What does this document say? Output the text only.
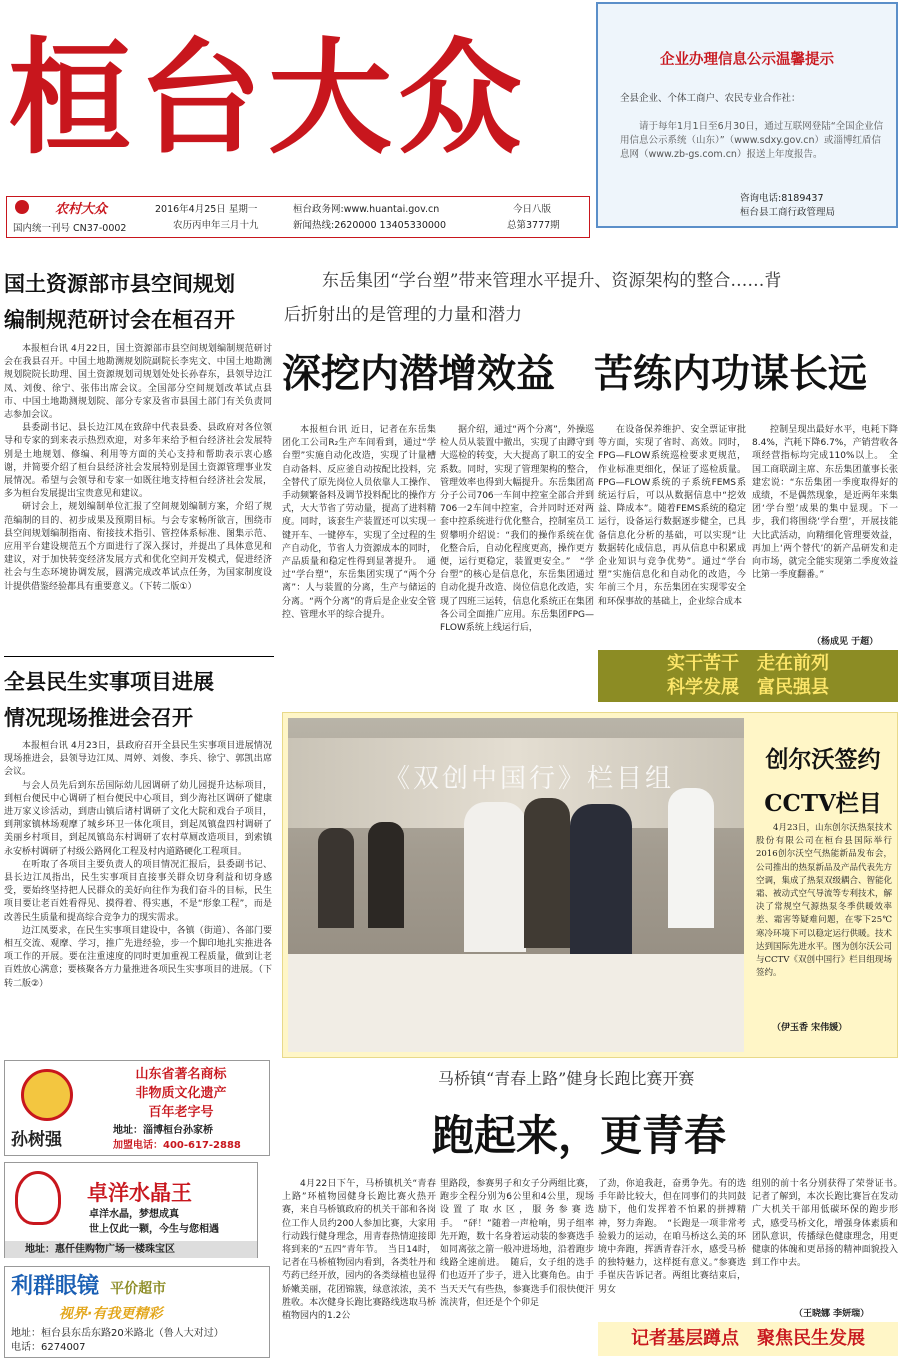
桓台大众	企业办理信息公示温馨提示
全县企业、个体工商户、农民专业合作社：
请于每年1月1日至6月30日，通过互联网登陆“全国企业信用信息公示系统（山东）”（www.sdxy.gov.cn）或淄博红盾信息网（www.zb-gs.com.cn）报送上年度报告。
咨询电话:8189437
桓台县工商行政管理局
农村大众
国内统一刊号 CN37-0002
2016年4月25日 星期一
农历丙申年三月十九
桓台政务网:www.huantai.gov.cn
新闻热线:2620000 13405330000
今日八版
总第3777期
国土资源部市县空间规划
编制规范研讨会在桓召开

本报桓台讯 4月22日，国土资源部市县空间规划编制规范研讨会在我县召开。中国土地勘测规划院副院长李宪文、中国土地勘测规划院院长助理、国土资源规划司规划处处长孙春东，县领导边江凤、刘俊、徐宁、张伟出席会议。全国部分空间规划改革试点县市、中国土地勘测规划院、部分专家及省市县国土部门有关负责同志参加会议。

县委副书记、县长边江凤在致辞中代表县委、县政府对各位领导和专家的到来表示热烈欢迎，对多年来给予桓台经济社会发展特别是土地规划、修编、利用等方面的关心支持和帮助表示衷心感谢，并简要介绍了桓台县经济社会发展特别是国土资源管理事业发展情况。希望与会领导和专家一如既往地支持桓台经济社会发展，多为桓台发展提出宝贵意见和建议。

研讨会上，规划编制单位汇报了空间规划编制方案，介绍了规范编制的目的、初步成果及预期目标。与会专家畅所欲言，围绕市县空间规划编制指南、衔接技术指引、管控体系标准、图集示范、应用平台建设规范五个方面进行了深入探讨，并提出了具体意见和建议，对于加快转变经济发展方式和优化空间开发模式，促进经济社会与生态环境协调发展，圆满完成改革试点任务，为国家制度设计提供借鉴经验都具有重要意义。（下转二版①）

全县民生实事项目进展
情况现场推进会召开

本报桓台讯 4月23日，县政府召开全县民生实事项目进展情况现场推进会，县领导边江凤、周婷、刘俊、李兵、徐宁、郭凯出席会议。

与会人员先后到东岳国际幼儿园调研了幼儿园提升达标项目，到桓台便民中心调研了桓台便民中心项目，到少海社区调研了健康进万家义诊活动，到唐山镇后诸村调研了文化大院和戏台子项目，到荆家镇林场观摩了城乡环卫一体化项目，到起凤镇盘四村调研了美丽乡村项目，到起凤镇岛东村调研了农村草厕改造项目，到索镇永安桥村调研了村级公路网化工程及村内道路硬化工程项目。

在听取了各项目主要负责人的项目情况汇报后，县委副书记、县长边江凤指出，民生实事项目直接事关群众切身利益和切身感受，要始终坚持把人民群众的美好向往作为我们奋斗的目标，民生项目要让老百姓看得见、摸得着、得实惠，不是“形象工程”，而是改善民生质量和提高综合竞争力的现实需求。

边江凤要求，在民生实事项目建设中，各镇（街道）、各部门要相互交流、观摩、学习，推广先进经验，步一个脚印地扎实推进各项工作的开展。要在注重速度的同时更加重视工程质量，做到让老百姓放心满意；要核聚各方力量推进各项民生实事项目的进展。（下转二版②）

孙树强
山东省著名商标
非物质文化遗产
百年老字号
地址：淄博桓台孙家桥
加盟电话：400-617-2888
卓洋水晶王
卓洋水晶，梦想成真
世上仅此一颗，今生与您相遇
地址：惠仟佳购物广场一楼珠宝区
利群眼镜 平价超市
视界·有我更精彩
地址：桓台县东岳东路20米路北（鲁人大对过）
电话：6274007
东岳集团“学台塑”带来管理水平提升、资源架构的整合……背
后折射出的是管理的力量和潜力
深挖内潜增效益　苦练内功谋长远
本报桓台讯 近日，记者在东岳集团化工公司R₂生产车间看到，通过“学台塑”实施自动化改造，实现了计量槽自动备料、反应釜自动按配比投料，完全替代了原先岗位人员依靠人工操作、手动频繁备料及调节投料配比的操作方式，大大节省了劳动量，提高了进料精度。同时，该套生产装置还可以实现一键开车、一键停车，实现了全过程的生产自动化，节省人力资源成本的同时，产品质量和稳定性得到显著提升。　通过“学台塑”，东岳集团实现了“两个分离”：人与装置的分离，生产与储运的分离。“两个分离”的背后是企业安全管控、管理水平的综合提升。
据介绍，通过“两个分离”，外操巡检人员从装置中撤出，实现了由蹲守到大巡检的转变，大大提高了职工的安全系数。同时，实现了管理架构的整合，管理效率也得到大幅提升。东岳集团高分子公司706一车间中控室全部合并到706一2车间中控室，合并同时还对两套中控系统进行优化整合，控制室员工贸攀明介绍说：“我们的操作系统在优化整合后，自动化程度更高，操作更方便，运行更稳定，装置更安全。”　“学台塑”的核心是信息化，东岳集团通过自动化提升改造、岗位信息化改造，实现了四班三运转，信息化系统正在集团各公司全面推广应用。东岳集团FPG—FLOW系统上线运行后，
在设备保养维护、安全票证审批等方面，实现了省时、高效。同时，FPG—FLOW系统巡检要求更规范，作业标准更细化，保证了巡检质量。FPG—FLOW系统的子系统FEMS系统运行后，可以从数据信息中“挖效益、降成本”。随着FEMS系统的稳定运行，设备运行数据逐步健全，已具备信息化分析的基础，可以实现“让数据转化成信息，再从信息中积累成企业知识与竞争优势”。通过“学台塑”实施信息化和自动化的改造，今年前三个月，东岳集团在实现零安全和环保事故的基础上，企业综合成本
控制呈现出最好水平，电耗下降8.4%，汽耗下降6.7%，产销营收各项经营指标均完成110%以上。　全国工商联副主席、东岳集团董事长张建宏说：“东岳集团一季度取得好的成绩，不是偶然现象，是近两年来集团‘学台塑’成果的集中显现。下一步，我们将围绕‘学台塑’，开展技能大比武活动，向精细化管理要效益，再加上‘两个替代’的新产品研发和走向市场，就完全能实现第二季度效益比第一季度翻番。”
（杨成见 于超）
实干苦干　走在前列
科学发展　富民强县
《双创中国行》栏目组
创尔沃签约
CCTV栏目
4月23日，山东创尔沃热泵技术股份有限公司在桓台县国际举行2016创尔沃空气热能新品发布会，公司推出的热泵新品及产品代表先方空调，集成了热泵双级耦合、智能化霜、被动式空气导流等专利技术，解决了常规空气源热泵冬季供暖效率差、霜害等疑难问题，在零下25℃寒冷环境下可以稳定运行供暖。技术达到国际先进水平。图为创尔沃公司与CCTV《双创中国行》栏目组现场签约。
（伊玉香 宋伟媛）
马桥镇“青春上路”健身长跑比赛开赛
跑起来，更青春
4月22日下午，马桥镇机关“青春上路”环植物园健身长跑比赛火热开赛，来自马桥镇政府的机关干部和各岗位工作人员约200人参加比赛，大家用行动践行健身理念，用青春热情迎接即将到来的“五四”青年节。　当日14时，记者在马桥植物园内看到，各类牡丹和芍药已经开放，园内的各类绿植也显得娇嫩美丽，花团锦簇，绿意浓浓，美不胜收。本次健身长跑比赛路线选取马桥植物园内的1.2公
里路段，参赛男子和女子分两组比赛，跑步全程分别为6公里和4公里，现场设置了取水区，服务参赛选手。　“砰！”随着一声枪响，男子组率先开跑，数十名身着运动装的参赛选手如同离弦之箭一般冲进场地，沿着跑步线路全速前进。　随后，女子组的选手们也迈开了步子，进入比赛角色。由于当天天气有些热，参赛选手们很快便汗流浃背，但还是个个卯足
了劲，你追我赶，奋勇争先。有的选手年龄比较大，但在同事们的共同鼓励下，他们发挥着不怕累的拼搏精神，努力奔跑。　“长跑是一项非常考验毅力的运动，在咱马桥这么美的环境中奔跑，挥洒青春汗水，感受马桥的独特魅力，这样挺有意义。”参赛选手崔庆告诉记者。两组比赛结束后，男女
组别的前十名分别获得了荣誉证书。　记者了解到，本次长跑比赛旨在发动广大机关干部用低碳环保的跑步形式，感受马桥文化，增强身体素质和团队意识，传播绿色健康理念，用更健康的体魄和更昂扬的精神面貌投入到工作中去。
（王晓娜 李妍瑞）
记者基层蹲点　聚焦民生发展
